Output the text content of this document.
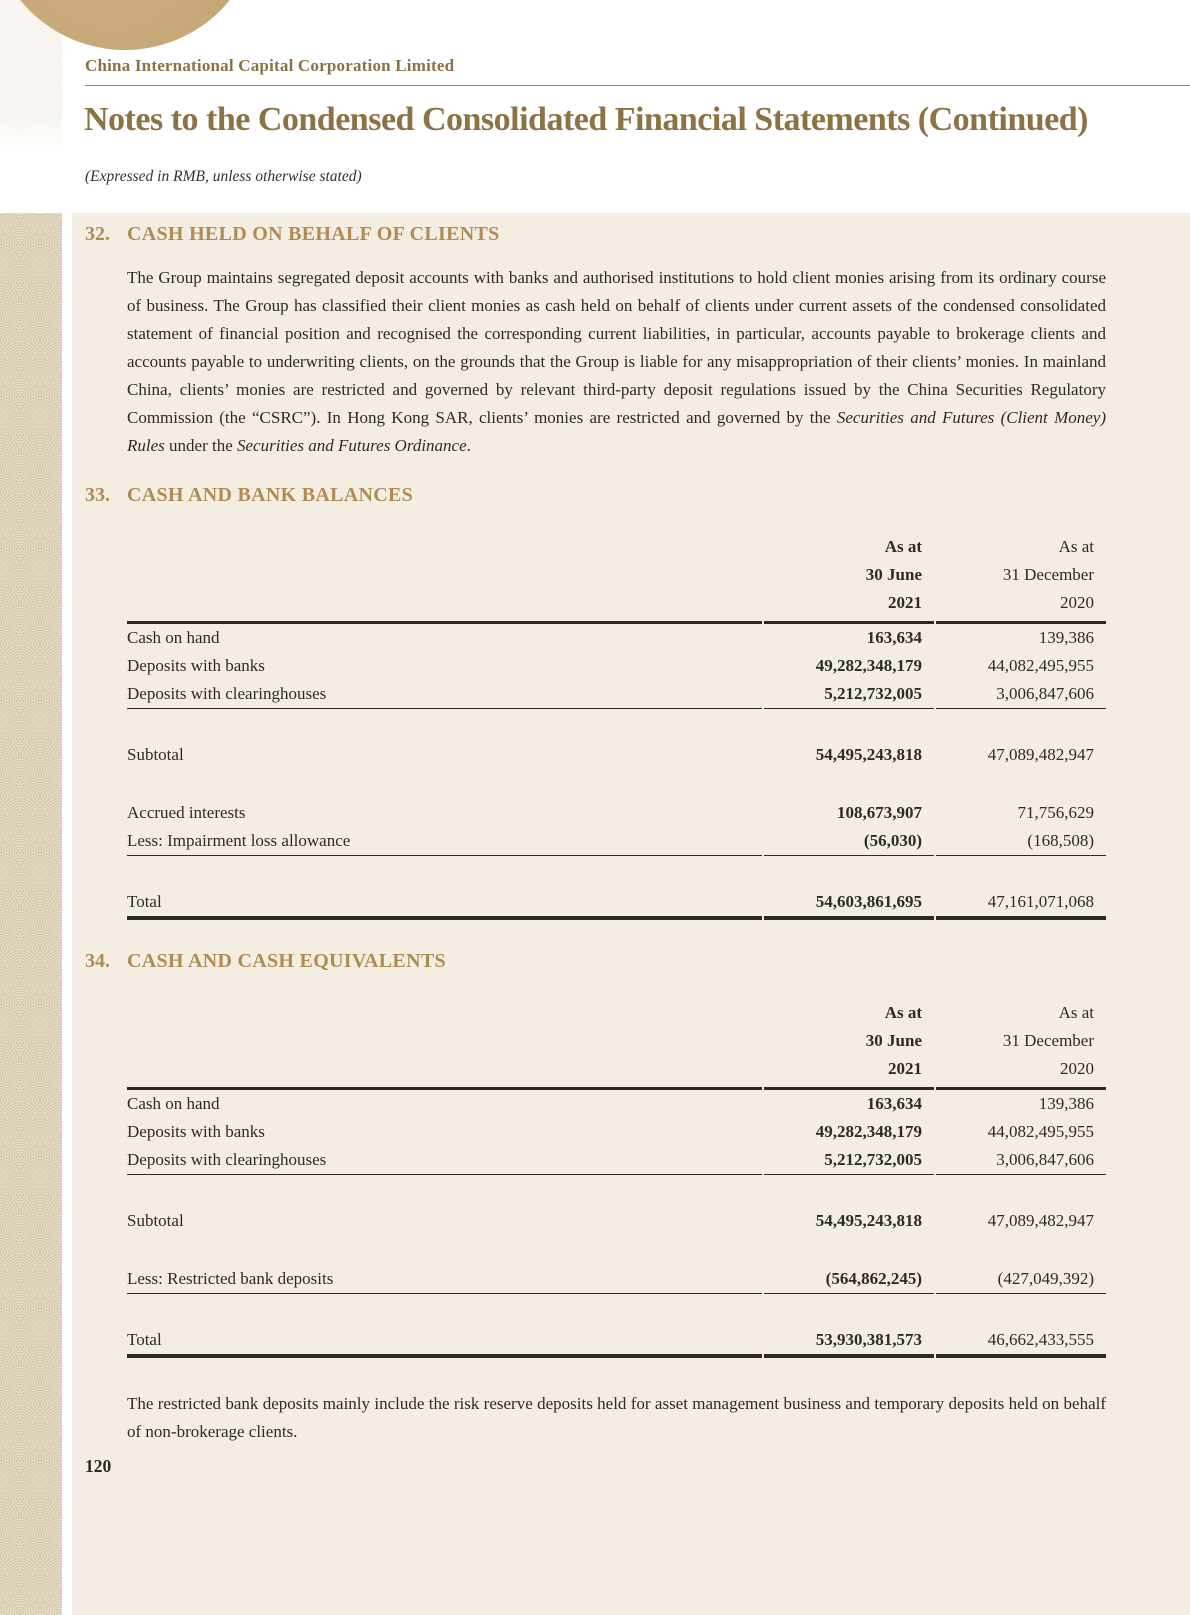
China International Capital Corporation Limited
Notes to the Condensed Consolidated Financial Statements (Continued)
(Expressed in RMB, unless otherwise stated)
32. CASH HELD ON BEHALF OF CLIENTS

The Group maintains segregated deposit accounts with banks and authorised institutions to hold client monies arising from its ordinary course of business. The Group has classified their client monies as cash held on behalf of clients under current assets of the condensed consolidated statement of financial position and recognised the corresponding current liabilities, in particular, accounts payable to brokerage clients and accounts payable to underwriting clients, on the grounds that the Group is liable for any misappropriation of their clients’ monies. In mainland China, clients’ monies are restricted and governed by relevant third-party deposit regulations issued by the China Securities Regulatory Commission (the “CSRC”). In Hong Kong SAR, clients’ monies are restricted and governed by the Securities and Futures (Client Money) Rules under the Securities and Futures Ordinance.

33. CASH AND BANK BALANCES
As at
30 June
2021
As at
31 December
2020
Cash on hand	163,634	139,386
Deposits with banks	49,282,348,179	44,082,495,955
Deposits with clearinghouses	5,212,732,005	3,006,847,606
Subtotal	54,495,243,818	47,089,482,947
Accrued interests	108,673,907	71,756,629
Less: Impairment loss allowance	(56,030)	(168,508)
Total	54,603,861,695	47,161,071,068
34. CASH AND CASH EQUIVALENTS
As at
30 June
2021
As at
31 December
2020
Cash on hand	163,634	139,386
Deposits with banks	49,282,348,179	44,082,495,955
Deposits with clearinghouses	5,212,732,005	3,006,847,606
Subtotal	54,495,243,818	47,089,482,947
Less: Restricted bank deposits	(564,862,245)	(427,049,392)
Total	53,930,381,573	46,662,433,555

The restricted bank deposits mainly include the risk reserve deposits held for asset management business and temporary deposits held on behalf of non-brokerage clients.

120
